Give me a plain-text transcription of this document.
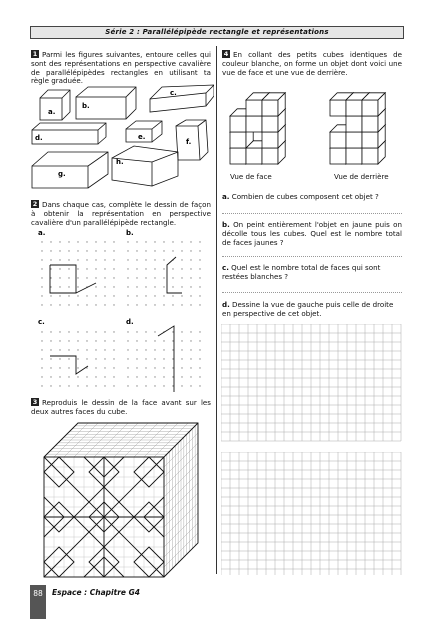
Série 2 : Parallélépipède rectangle et représentations
1 Parmi les figures suivantes, entoure celles qui sont des représentations en perspective cavalière de parallélépipèdes rectangles en utilisant ta règle graduée.
a.
b.
c.
d.	e.
f.
g.
h.
2 Dans chaque cas, complète le dessin de façon à obtenir la représentation en perspective cavalière d'un parallélépipède rectangle.
a.	b.
c.	d.
3 Reproduis le dessin de la face avant sur les deux autres faces du cube.
4 En collant des petits cubes identiques de couleur blanche, on forme un objet dont voici une vue de face et une vue de derrière.
Vue de face	Vue de derrière
a. Combien de cubes composent cet objet ?
b. On peint entièrement l'objet en jaune puis on décolle tous les cubes. Quel est le nombre total de faces jaunes ?
c. Quel est le nombre total de faces qui sont restées blanches ?
d. Dessine la vue de gauche puis celle de droite en perspective de cet objet.
88	Espace : Chapitre G4
